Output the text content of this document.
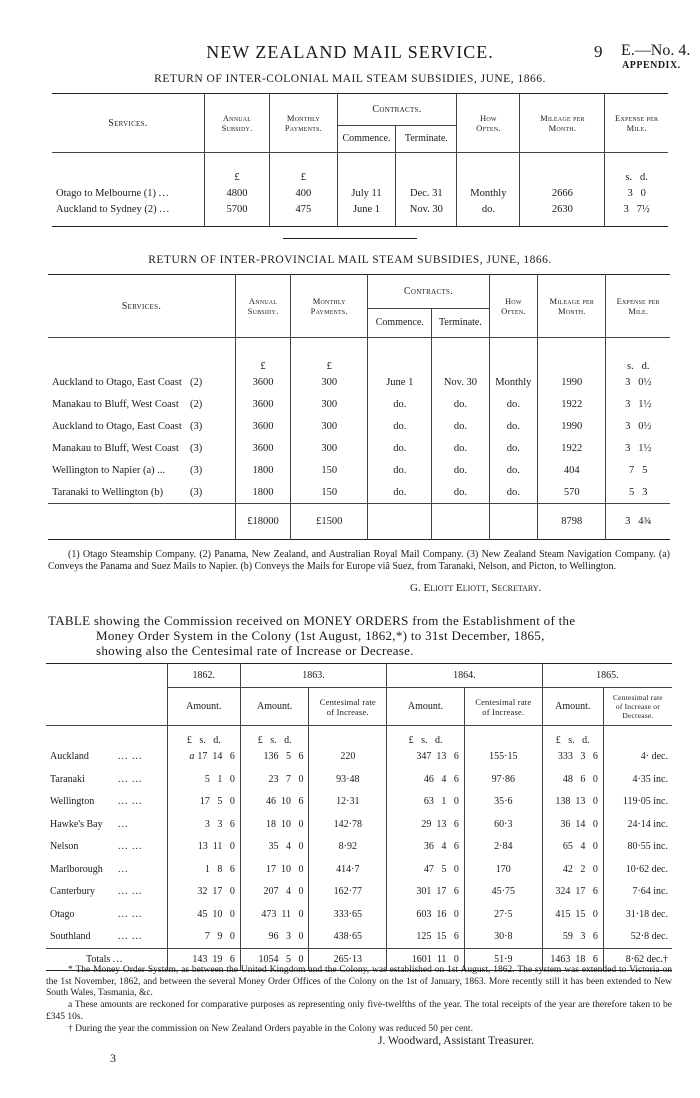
NEW ZEALAND MAIL SERVICE.	9 E.—No. 4.
APPENDIX.
RETURN OF INTER-COLONIAL MAIL STEAM SUBSIDIES, JUNE, 1866.
Services.	Annual Subsidy.	Monthly Payments.	Contracts.		How Often.	Mileage per Month.	Expense per Mile.

			Commence.	Terminate.			
	£	£					s.   d.
Otago to Melbourne (1) ...	4800	400	July 11	Dec. 31	Monthly	2666	3   0
Auckland to Sydney (2) ...	5700	475	June 1	Nov. 30	do.	2630	3   7½
RETURN OF INTER-PROVINCIAL MAIL STEAM SUBSIDIES, JUNE, 1866.
Services.	Annual Subsidy.	Monthly Payments.	Contracts.		How Often.	Mileage per Month.	Expense per Mile.

			Commence.	Terminate.			
	£	£					s.   d.
Auckland to Otago, East Coast (2)	3600	300	June 1	Nov. 30	Monthly	1990	3   0½
Manakau to Bluff, West Coast (2)	3600	300	do.	do.	do.	1922	3   1½
Auckland to Otago, East Coast (3)	3600	300	do.	do.	do.	1990	3   0½
Manakau to Bluff, West Coast (3)	3600	300	do.	do.	do.	1922	3   1½
Wellington to Napier (a) ... (3)	1800	150	do.	do.	do.	404	7   5
Taranaki to Wellington (b) (3)	1800	150	do.	do.	do.	570	5   3
	£18000	£1500				8798	3   4¾
(1) Otago Steamship Company. (2) Panama, New Zealand, and Australian Royal Mail Company. (3) New Zealand Steam Navigation Company. (a) Conveys the Panama and Suez Mails to Napier. (b) Conveys the Mails for Europe viâ Suez, from Taranaki, Nelson, and Picton, to Wellington.
G. Eliott Eliott, Secretary.
TABLE showing the Commission received on MONEY ORDERS from the Establishment of the
Money Order System in the Colony (1st August, 1862,*) to 31st December, 1865,
showing also the Centesimal rate of Increase or Decrease.
	1862.	1863.		1864.		1865.	
	Amount.	Amount.	Centesimal rate of Increase.	Amount.	Centesimal rate of Increase.	Amount.	Centesimal rate of Increase or Decrease.

	£   s.   d.	£   s.   d.		£   s.   d.		£   s.   d.	
Auckland ... ...	a 17  14   6	136   5   6	220	347  13   6	155·15	333   3   6	4· dec.
Taranaki ... ...	5   1   0	23   7   0	93·48	46   4   6	97·86	48   6   0	4·35 inc.
Wellington ... ...	17   5   0	46  10   6	12·31	63   1   0	35·6	138  13   0	119·05 inc.
Hawke's Bay ...	3   3   6	18  10   0	142·78	29  13   6	60·3	36  14   0	24·14 inc.
Nelson ... ...	13  11   0	35   4   0	8·92	36   4   6	2·84	65   4   0	80·55 inc.
Marlborough ...	1   8   6	17  10   0	414·7	47   5   0	170	42   2   0	10·62 dec.
Canterbury ... ...	32  17   0	207   4   0	162·77	301  17   6	45·75	324  17   6	7·64 inc.
Otago ... ...	45  10   0	473  11   0	333·65	603  16   0	27·5	415  15   0	31·18 dec.
Southland ... ...	7   9   0	96   3   0	438·65	125  15   6	30·8	59   3   6	52·8 dec.
Totals ...	143  19   6	1054   5   0	265·13	1601  11   0	51·9	1463  18   6	8·62 dec.†
* The Money Order System, as between the United Kingdom and the Colony, was established on 1st August, 1862. The system was extended to Victoria on the 1st November, 1862, and between the several Money Order Offices of the Colony on the 1st of January, 1863. More recently still it has been extended to New South Wales, Tasmania, &c.
a These amounts are reckoned for comparative purposes as representing only five-twelfths of the year. The total receipts of the year are therefore taken to be £345 10s.
† During the year the commission on New Zealand Orders payable in the Colony was reduced 50 per cent.
J. Woodward, Assistant Treasurer.
3
